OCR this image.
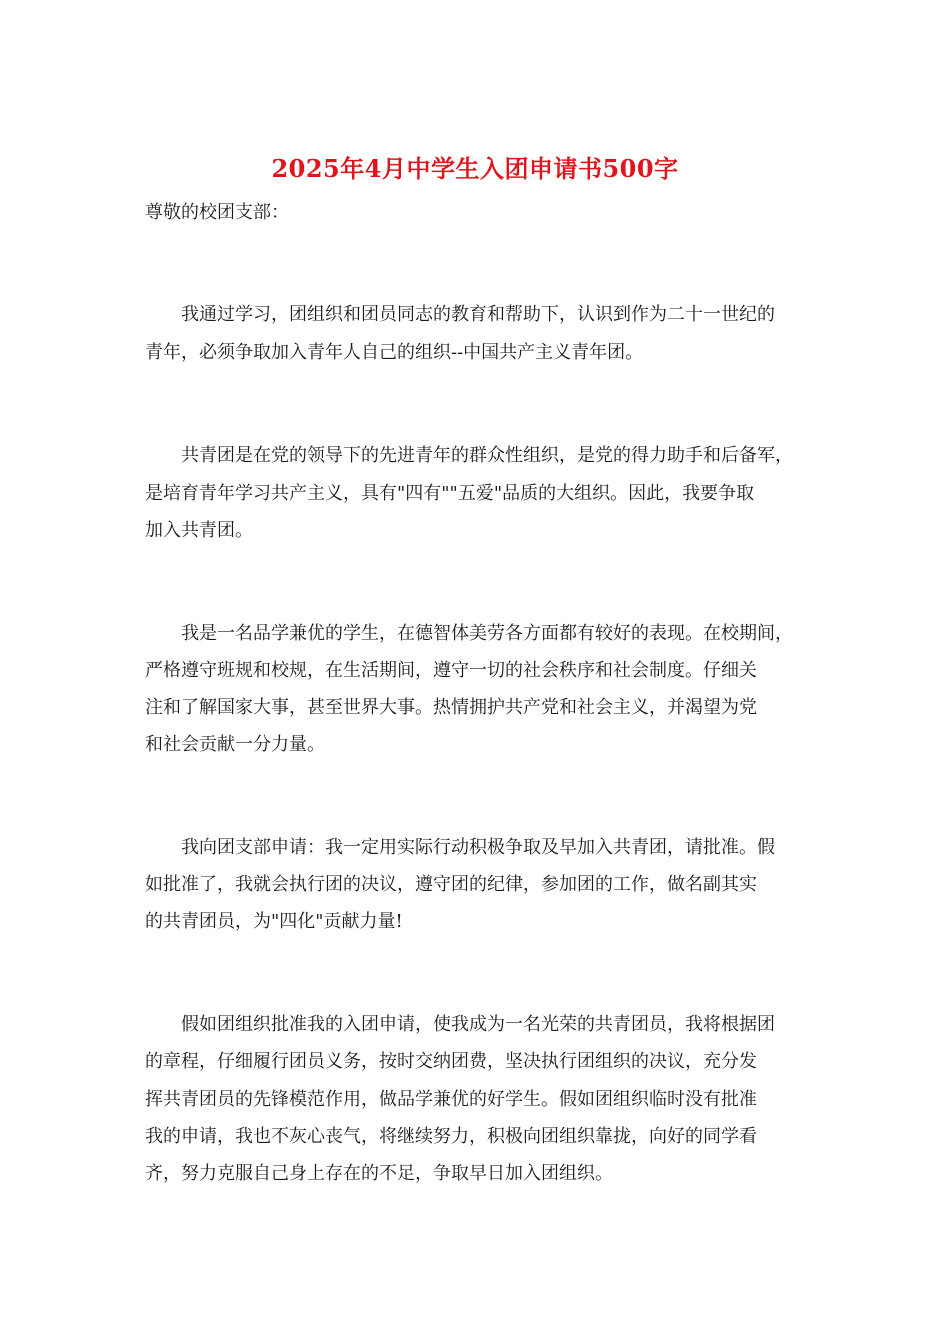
2025年4月中学生入团申请书500字

尊敬的校团支部：

　　我通过学习，团组织和团员同志的教育和帮助下，认识到作为二十一世纪的

青年，必须争取加入青年人自己的组织--中国共产主义青年团。

　　共青团是在党的领导下的先进青年的群众性组织，是党的得力助手和后备军，

是培育青年学习共产主义，具有"四有""五爱"品质的大组织。因此，我要争取

加入共青团。

　　我是一名品学兼优的学生，在德智体美劳各方面都有较好的表现。在校期间，

严格遵守班规和校规，在生活期间，遵守一切的社会秩序和社会制度。仔细关

注和了解国家大事，甚至世界大事。热情拥护共产党和社会主义，并渴望为党

和社会贡献一分力量。

　　我向团支部申请：我一定用实际行动积极争取及早加入共青团，请批准。假

如批准了，我就会执行团的决议，遵守团的纪律，参加团的工作，做名副其实

的共青团员，为"四化"贡献力量!

　　假如团组织批准我的入团申请，使我成为一名光荣的共青团员，我将根据团

的章程，仔细履行团员义务，按时交纳团费，坚决执行团组织的决议，充分发

挥共青团员的先锋模范作用，做品学兼优的好学生。假如团组织临时没有批准

我的申请，我也不灰心丧气，将继续努力，积极向团组织靠拢，向好的同学看

齐，努力克服自己身上存在的不足，争取早日加入团组织。
